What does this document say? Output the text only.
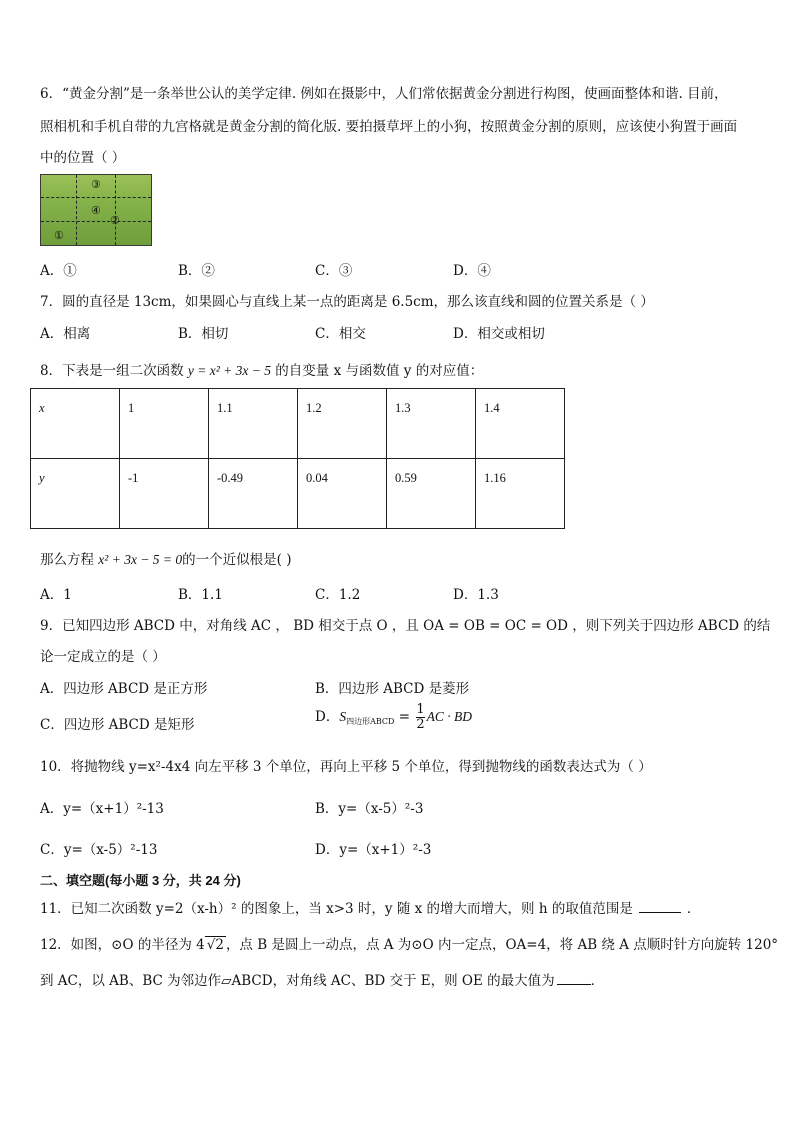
6．“黄金分割”是一条举世公认的美学定律. 例如在摄影中，人们常依据黄金分割进行构图，使画面整体和谐. 目前，
照相机和手机自带的九宫格就是黄金分割的简化版. 要拍摄草坪上的小狗，按照黄金分割的原则，应该使小狗置于画面
中的位置（ ）
①
②
③
④
A．①	B．②	C．③	D．④
7．圆的直径是 13cm，如果圆心与直线上某一点的距离是 6.5cm，那么该直线和圆的位置关系是（ ）
A．相离	B．相切	C．相交	D．相交或相切
8．下表是一组二次函数 y = x² + 3x − 5 的自变量 x 与函数值 y 的对应值：
x	1	1.1	1.2	1.3	1.4
y	-1	-0.49	0.04	0.59	1.16
那么方程 x² + 3x − 5 = 0的一个近似根是( )
A．1	B．1.1	C．1.2	D．1.3
9．已知四边形 ABCD 中，对角线 AC ， BD 相交于点 O ，且 OA = OB = OC = OD ，则下列关于四边形 ABCD 的结
论一定成立的是（ ）
A．四边形 ABCD 是正方形	B．四边形 ABCD 是菱形
C．四边形 ABCD 是矩形	D．$S_{四边形ABCD} = \frac{1}{2}$ AC · BD
10．将抛物线 y=x²-4x4 向左平移 3 个单位，再向上平移 5 个单位，得到抛物线的函数表达式为（ ）
A．y=（x+1）²-13	B．y=（x-5）²-3
C．y=（x-5）²-13	D．y=（x+1）²-3
二、填空题(每小题 3 分，共 24 分)
11．已知二次函数 y=2（x-h）² 的图象上，当 x>3 时，y 随 x 的增大而增大，则 h 的取值范围是	．
12．如图，⊙O 的半径为 4 √2 ，点 B 是圆上一动点，点 A 为⊙O 内一定点，OA=4，将 AB 绕 A 点顺时针方向旋转 120°
到 AC，以 AB、BC 为邻边作▱ABCD，对角线 AC、BD 交于 E，则 OE 的最大值为	．
